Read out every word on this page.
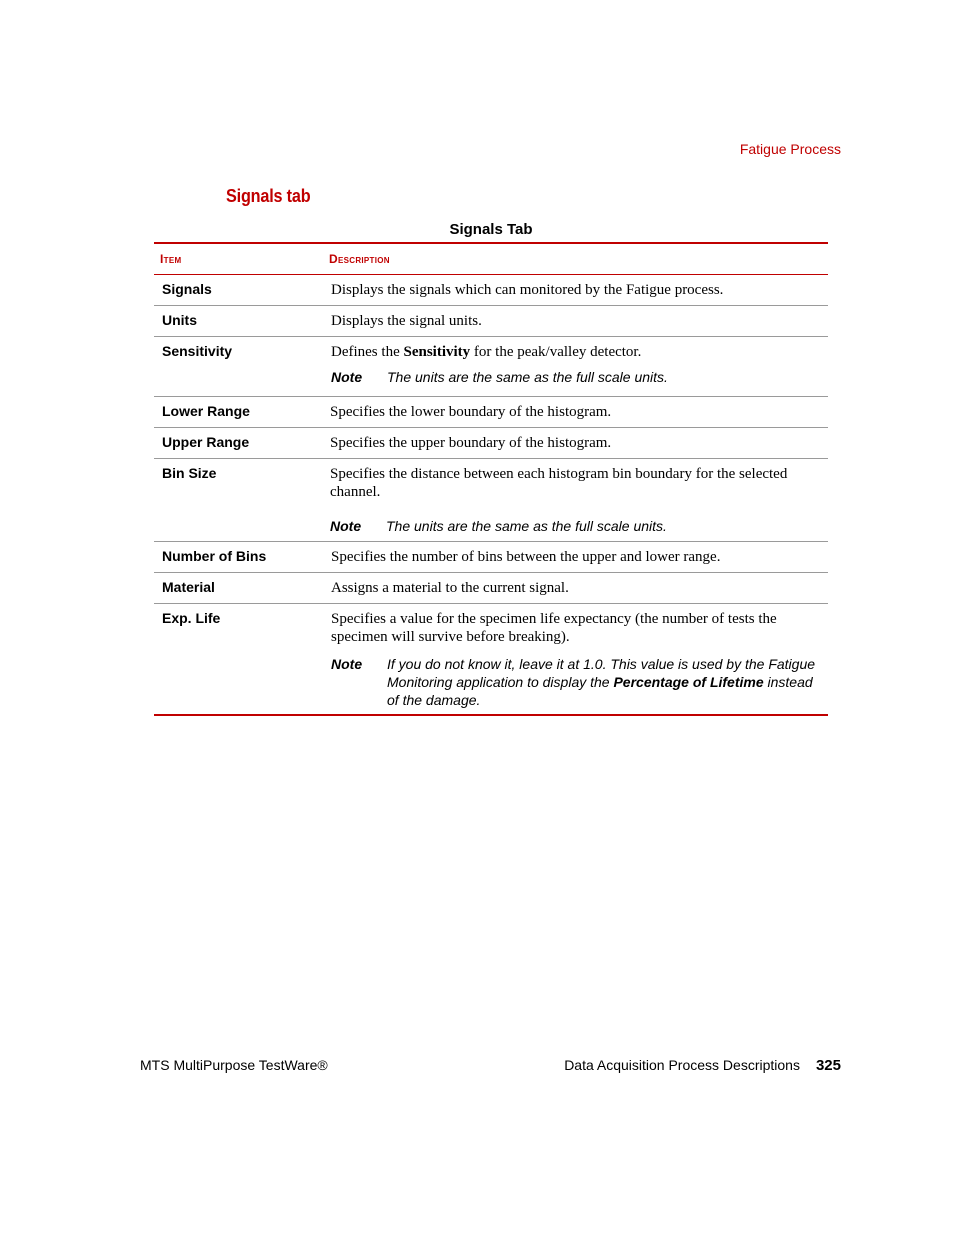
Fatigue Process
Signals tab
Signals Tab
Item	Description
Signals	Displays the signals which can monitored by the Fatigue process.
Units	Displays the signal units.
Sensitivity	Defines the Sensitivity for the peak/valley detector.
Note	The units are the same as the full scale units.
Lower Range	Specifies the lower boundary of the histogram.
Upper Range	Specifies the upper boundary of the histogram.
Bin Size	Specifies the distance between each histogram bin boundary for the selected channel.
Note	The units are the same as the full scale units.
Number of Bins	Specifies the number of bins between the upper and lower range.
Material	Assigns a material to the current signal.
Exp. Life	Specifies a value for the specimen life expectancy (the number of tests the specimen will survive before breaking).
Note	If you do not know it, leave it at 1.0. This value is used by the Fatigue Monitoring application to display the Percentage of Lifetime instead of the damage.
MTS MultiPurpose TestWare®	Data Acquisition Process Descriptions 325
